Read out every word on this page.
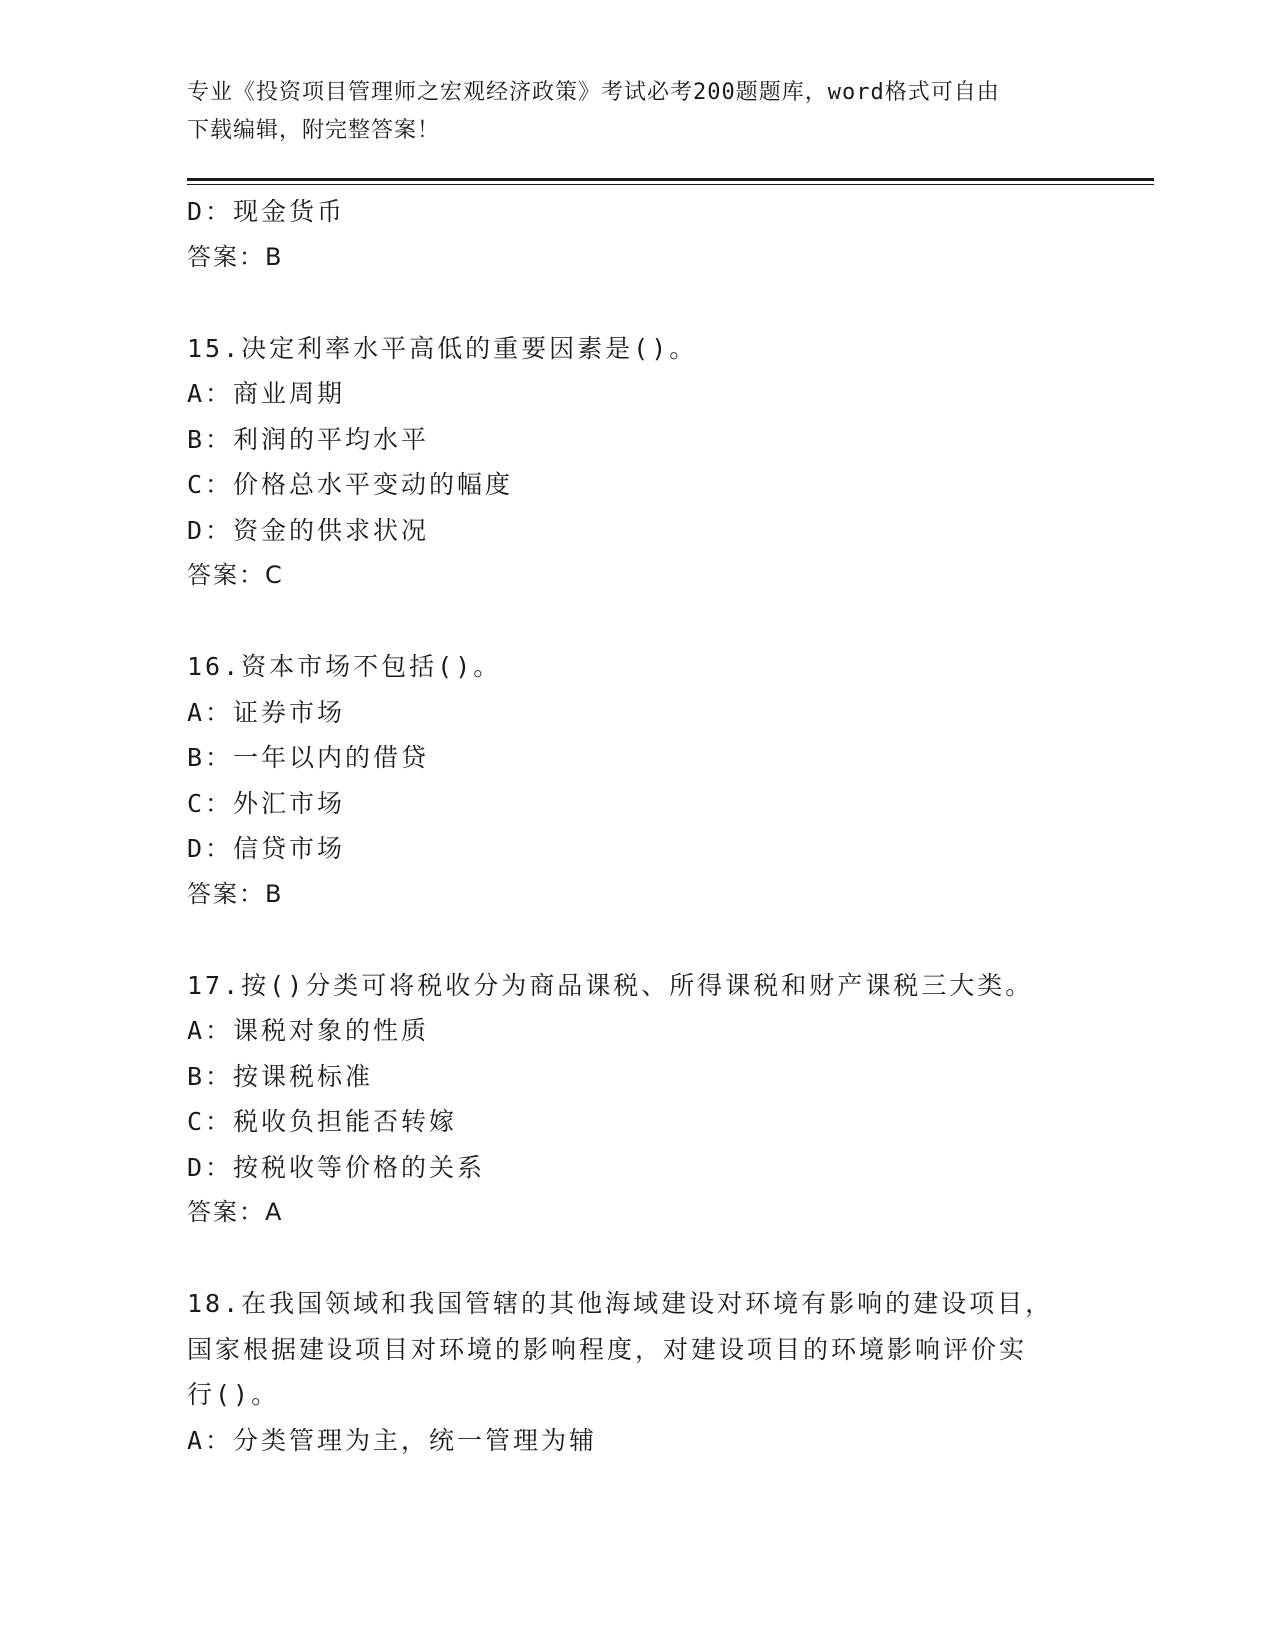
专业《投资项目管理师之宏观经济政策》考试必考200题题库，word格式可自由
下载编辑，附完整答案！
D：现金货币
答案：B
15.决定利率水平高低的重要因素是()。
A：商业周期
B：利润的平均水平
C：价格总水平变动的幅度
D：资金的供求状况
答案：C
16.资本市场不包括()。
A：证券市场
B：一年以内的借贷
C：外汇市场
D：信贷市场
答案：B
17.按()分类可将税收分为商品课税、所得课税和财产课税三大类。
A：课税对象的性质
B：按课税标准
C：税收负担能否转嫁
D：按税收等价格的关系
答案：A
18.在我国领域和我国管辖的其他海域建设对环境有影响的建设项目，
国家根据建设项目对环境的影响程度，对建设项目的环境影响评价实
行()。
A：分类管理为主，统一管理为辅
